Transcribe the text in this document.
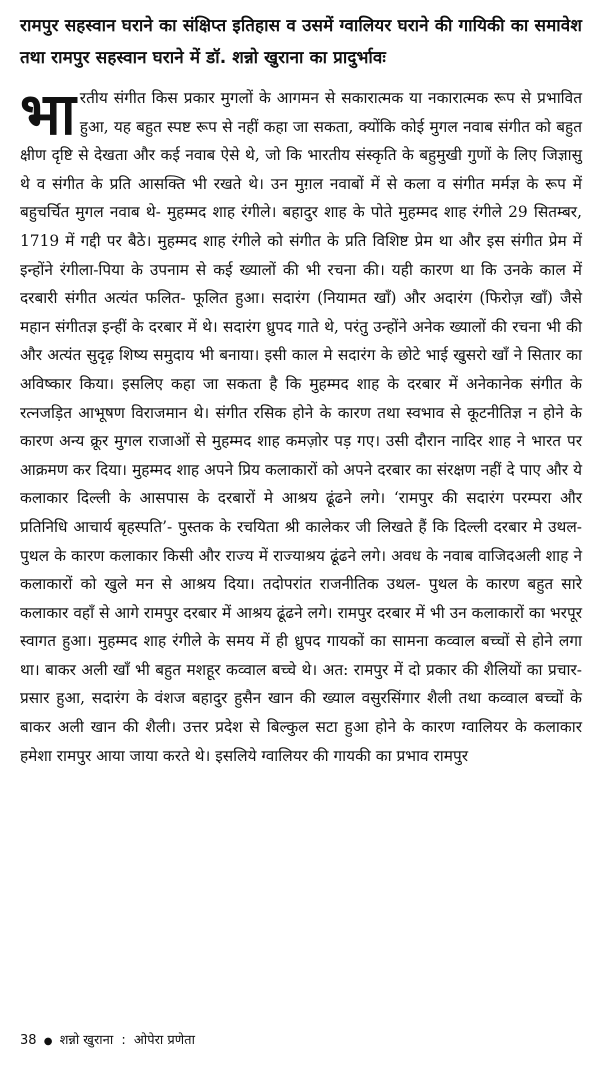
रामपुर सहस्वान घराने का संक्षिप्त इतिहास व उसमें ग्वालियर घराने की गायिकी का समावेश तथा रामपुर सहस्वान घराने में डॉ. शन्नो खुराना का प्रादुर्भावः

भारतीय संगीत किस प्रकार मुगलों के आगमन से सकारात्मक या नकारात्मक रूप से प्रभावित हुआ, यह बहुत स्पष्ट रूप से नहीं कहा जा सकता, क्योंकि कोई मुगल नवाब संगीत को बहुत क्षीण दृष्टि से देखता और कई नवाब ऐसे थे, जो कि भारतीय संस्कृति के बहुमुखी गुणों के लिए जिज्ञासु थे व संगीत के प्रति आसक्ति भी रखते थे। उन मुग़ल नवाबों में से कला व संगीत मर्मज्ञ के रूप में बहुचर्चित मुगल नवाब थे- मुहम्मद शाह रंगीले। बहादुर शाह के पोते मुहम्मद शाह रंगीले 29 सितम्बर, 1719 में गद्दी पर बैठे। मुहम्मद शाह रंगीले को संगीत के प्रति विशिष्ट प्रेम था और इस संगीत प्रेम में इन्होंने रंगीला-पिया के उपनाम से कई ख्यालों की भी रचना की। यही कारण था कि उनके काल में दरबारी संगीत अत्यंत फलित- फूलित हुआ। सदारंग (नियामत खाँ) और अदारंग (फिरोज़ खाँ) जैसे महान संगीतज्ञ इन्हीं के दरबार में थे। सदारंग ध्रुपद गाते थे, परंतु उन्होंने अनेक ख्यालों की रचना भी की और अत्यंत सुदृढ़ शिष्य समुदाय भी बनाया। इसी काल मे सदारंग के छोटे भाई खुसरो खाँ ने सितार का अविष्कार किया। इसलिए कहा जा सकता है कि मुहम्मद शाह के दरबार में अनेकानेक संगीत के रत्नजड़ित आभूषण विराजमान थे। संगीत रसिक होने के कारण तथा स्वभाव से कूटनीतिज्ञ न होने के कारण अन्य क्रूर मुगल राजाओं से मुहम्मद शाह कमज़ोर पड़ गए। उसी दौरान नादिर शाह ने भारत पर आक्रमण कर दिया। मुहम्मद शाह अपने प्रिय कलाकारों को अपने दरबार का संरक्षण नहीं दे पाए और ये कलाकार दिल्ली के आसपास के दरबारों मे आश्रय ढूंढने लगे। ‘रामपुर की सदारंग परम्परा और प्रतिनिधि आचार्य बृहस्पति’- पुस्तक के रचयिता श्री कालेकर जी लिखते हैं कि दिल्ली दरबार मे उथल-पुथल के कारण कलाकार किसी और राज्य में राज्याश्रय ढूंढने लगे। अवध के नवाब वाजिदअली शाह ने कलाकारों को खुले मन से आश्रय दिया। तदोपरांत राजनीतिक उथल- पुथल के कारण बहुत सारे कलाकार वहाँ से आगे रामपुर दरबार में आश्रय ढूंढने लगे। रामपुर दरबार में भी उन कलाकारों का भरपूर स्वागत हुआ। मुहम्मद शाह रंगीले के समय में ही ध्रुपद गायकों का सामना कव्वाल बच्चों से होने लगा था। बाकर अली खाँ भी बहुत मशहूर कव्वाल बच्चे थे। अत: रामपुर में दो प्रकार की शैलियों का प्रचार-प्रसार हुआ, सदारंग के वंशज बहादुर हुसैन खान की ख्याल वसुरसिंगार शैली तथा कव्वाल बच्चों के बाकर अली खान की शैली। उत्तर प्रदेश से बिल्कुल सटा हुआ होने के कारण ग्वालियर के कलाकार हमेशा रामपुर आया जाया करते थे। इसलिये ग्वालियर की गायकी का प्रभाव रामपुर

38 ● शन्नो खुराना : ओपेरा प्रणेता
